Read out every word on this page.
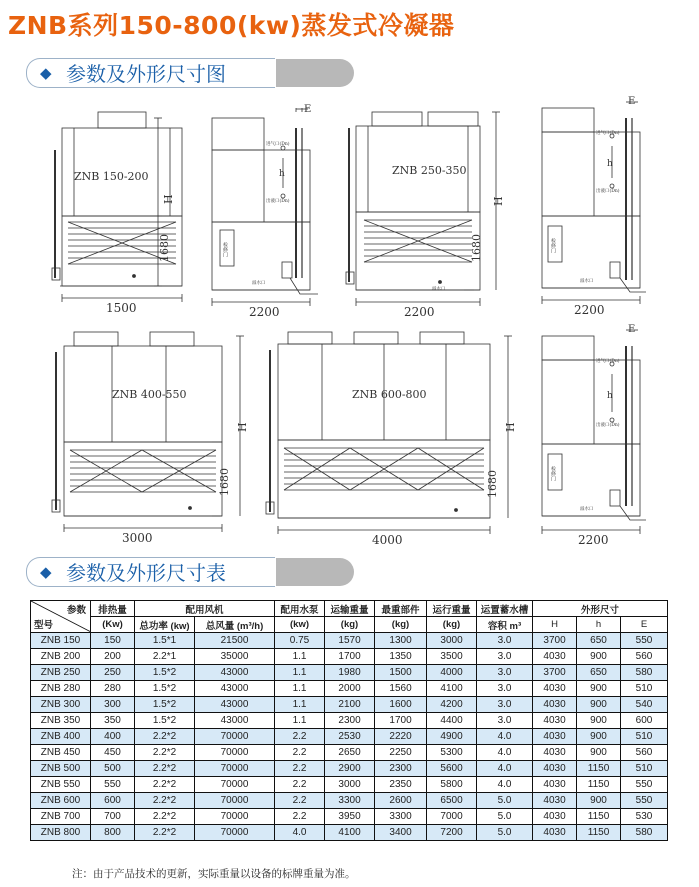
ZNB系列150-800(kw)蒸发式冷凝器
◆ 参数及外形尺寸图
◆ 参数及外形尺寸表
ZNB 150-200
1500
1680
H
E
h
进气口(Dn)
出液口(Dn)
检修门
溢水口
2200
ZNB 250-350
2200
1680
H
溢水口
E
h
进气口(Dn)
出液口(Dn)
检修门
溢水口
2200
ZNB 400-550
3000
1680
H
ZNB 600-800
4000
1680
H
E
h
进气口(Dn)
出液口(Dn)
检修门
溢水口
2200
参数
型号	排热量	配用风机		配用水泵	运输重量	最重部件	运行重量	运置蓄水槽	外形尺寸		
	(Kw)	总功率 (kw)	总风量 (m³/h)	(kw)	(kg)	(kg)	(kg)	容积 m³	H	h	E
ZNB 150	150	1.5*1	21500	0.75	1570	1300	3000	3.0	3700	650	550
ZNB 200	200	2.2*1	35000	1.1	1700	1350	3500	3.0	4030	900	560
ZNB 250	250	1.5*2	43000	1.1	1980	1500	4000	3.0	3700	650	580
ZNB 280	280	1.5*2	43000	1.1	2000	1560	4100	3.0	4030	900	510
ZNB 300	300	1.5*2	43000	1.1	2100	1600	4200	3.0	4030	900	540
ZNB 350	350	1.5*2	43000	1.1	2300	1700	4400	3.0	4030	900	600
ZNB 400	400	2.2*2	70000	2.2	2530	2220	4900	4.0	4030	900	510
ZNB 450	450	2.2*2	70000	2.2	2650	2250	5300	4.0	4030	900	560
ZNB 500	500	2.2*2	70000	2.2	2900	2300	5600	4.0	4030	1150	510
ZNB 550	550	2.2*2	70000	2.2	3000	2350	5800	4.0	4030	1150	550
ZNB 600	600	2.2*2	70000	2.2	3300	2600	6500	5.0	4030	900	550
ZNB 700	700	2.2*2	70000	2.2	3950	3300	7000	5.0	4030	1150	530
ZNB 800	800	2.2*2	70000	4.0	4100	3400	7200	5.0	4030	1150	580
注：由于产品技术的更新，实际重量以设备的标牌重量为准。
